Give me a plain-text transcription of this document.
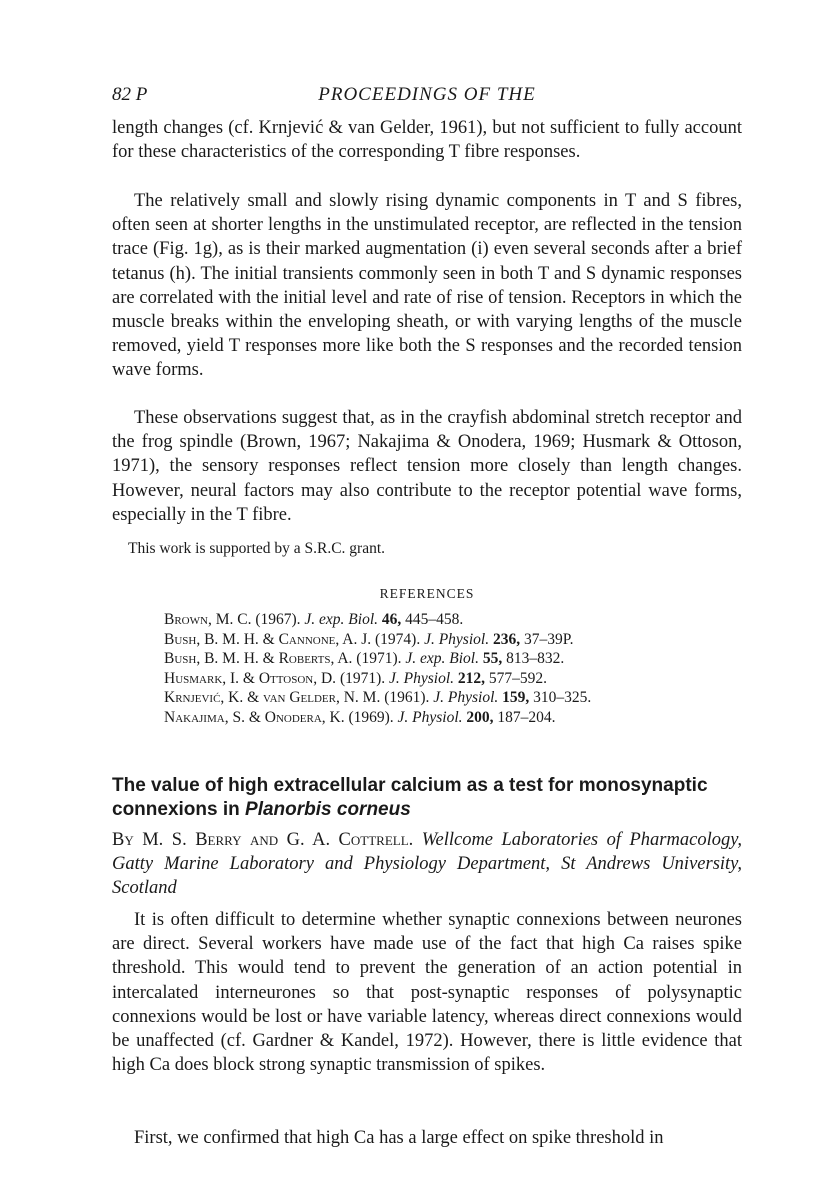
82 P	PROCEEDINGS OF THE

length changes (cf. Krnjević & van Gelder, 1961), but not sufficient to fully account for these characteristics of the corresponding T fibre responses.

The relatively small and slowly rising dynamic components in T and S fibres, often seen at shorter lengths in the unstimulated receptor, are reflected in the tension trace (Fig. 1g), as is their marked augmentation (i) even several seconds after a brief tetanus (h). The initial transients commonly seen in both T and S dynamic responses are correlated with the initial level and rate of rise of tension. Receptors in which the muscle breaks within the enveloping sheath, or with varying lengths of the muscle removed, yield T responses more like both the S responses and the recorded tension wave forms.

These observations suggest that, as in the crayfish abdominal stretch receptor and the frog spindle (Brown, 1967; Nakajima & Onodera, 1969; Husmark & Ottoson, 1971), the sensory responses reflect tension more closely than length changes. However, neural factors may also contribute to the receptor potential wave forms, especially in the T fibre.

This work is supported by a S.R.C. grant.

REFERENCES

Brown, M. C. (1967). J. exp. Biol. 46, 445–458.
Bush, B. M. H. & Cannone, A. J. (1974). J. Physiol. 236, 37–39P.
Bush, B. M. H. & Roberts, A. (1971). J. exp. Biol. 55, 813–832.
Husmark, I. & Ottoson, D. (1971). J. Physiol. 212, 577–592.
Krnjević, K. & van Gelder, N. M. (1961). J. Physiol. 159, 310–325.
Nakajima, S. & Onodera, K. (1969). J. Physiol. 200, 187–204.
The value of high extracellular calcium as a test for monosynaptic connexions in Planorbis corneus

By M. S. Berry and G. A. Cottrell. Wellcome Laboratories of Pharmacology, Gatty Marine Laboratory and Physiology Department, St Andrews University, Scotland

It is often difficult to determine whether synaptic connexions between neurones are direct. Several workers have made use of the fact that high Ca raises spike threshold. This would tend to prevent the generation of an action potential in intercalated interneurones so that post-synaptic responses of polysynaptic connexions would be lost or have variable latency, whereas direct connexions would be unaffected (cf. Gardner & Kandel, 1972). However, there is little evidence that high Ca does block strong synaptic transmission of spikes.

First, we confirmed that high Ca has a large effect on spike threshold in
